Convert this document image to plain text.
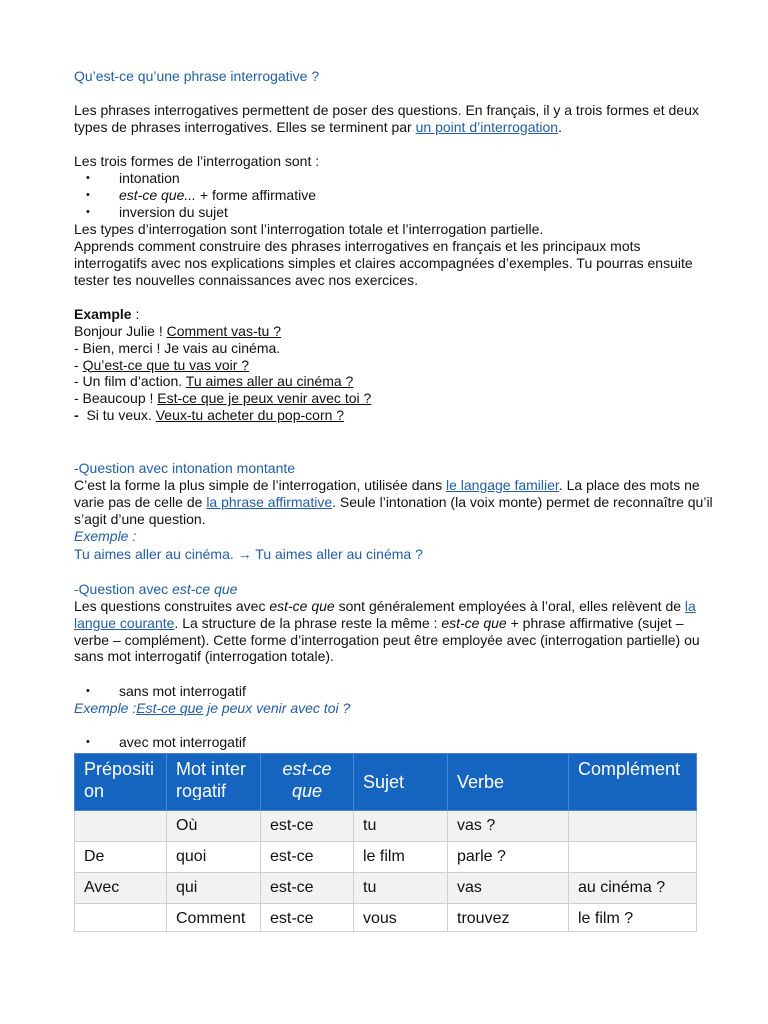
Qu’est-ce qu’une phrase interrogative ?

Les phrases interrogatives permettent de poser des questions. En français, il y a trois formes et deux types de phrases interrogatives. Elles se terminent par un point d’interrogation.

Les trois formes de l’interrogation sont :
• intonation
• est-ce que... + forme affirmative
• inversion du sujet
Les types d’interrogation sont l’interrogation totale et l’interrogation partielle.
Apprends comment construire des phrases interrogatives en français et les principaux mots interrogatifs avec nos explications simples et claires accompagnées d’exemples. Tu pourras ensuite tester tes nouvelles connaissances avec nos exercices.
Example :
Bonjour Julie ! Comment vas-tu ?
- Bien, merci ! Je vais au cinéma.
- Qu’est-ce que tu vas voir ?
- Un film d’action. Tu aimes aller au cinéma ?
- Beaucoup ! Est-ce que je peux venir avec toi ?
-  Si tu veux. Veux-tu acheter du pop-corn ?
-Question avec intonation montante

C’est la forme la plus simple de l’interrogation, utilisée dans le langage familier. La place des mots ne varie pas de celle de la phrase affirmative. Seule l’intonation (la voix monte) permet de reconnaître qu’il s’agit d’une question.

Exemple :
Tu aimes aller au cinéma. → Tu aimes aller au cinéma ?
-Question avec est-ce que

Les questions construites avec est-ce que sont généralement employées à l’oral, elles relèvent de la langue courante. La structure de la phrase reste la même : est-ce que + phrase affirmative (sujet – verbe – complément). Cette forme d’interrogation peut être employée avec (interrogation partielle) ou sans mot interrogatif (interrogation totale).

• sans mot interrogatif
Exemple :Est-ce que je peux venir avec toi ?
• avec mot interrogatif
Préposition	Mot interrogatif	est-ce que	Sujet	Verbe	Complément

	Où	est-ce	tu	vas ?	
De	quoi	est-ce	le film	parle ?	
Avec	qui	est-ce	tu	vas	au cinéma ?

	Comment	est-ce	vous	trouvez	le film ?
